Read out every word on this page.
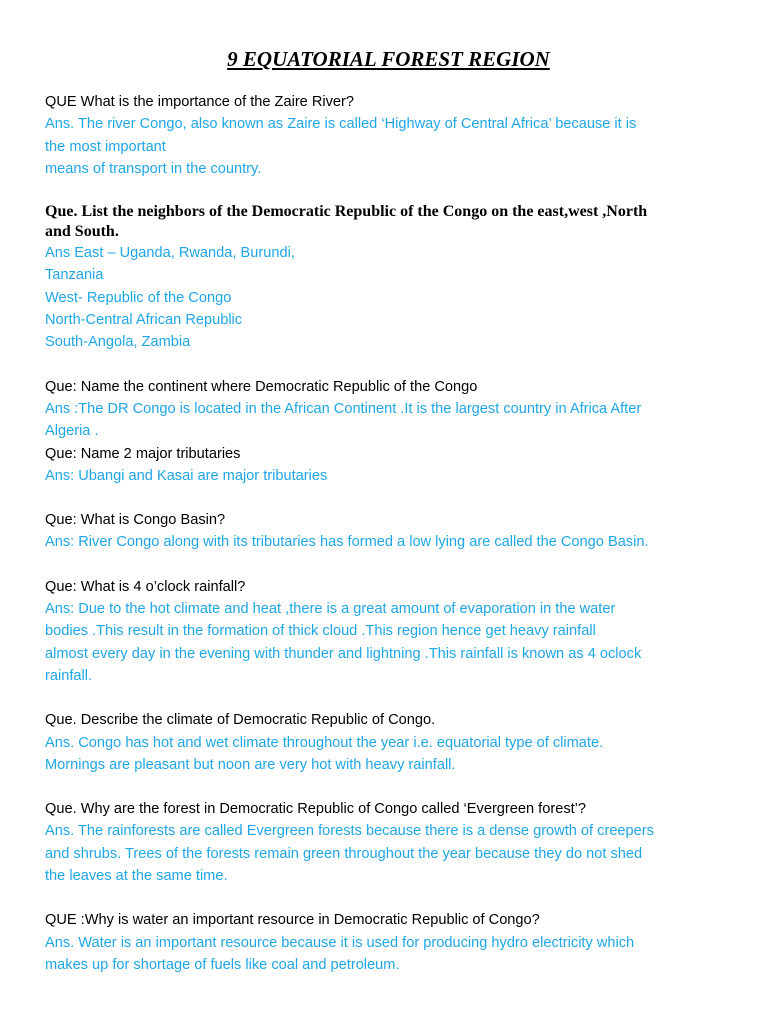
9 EQUATORIAL FOREST REGION
QUE What is the importance of the Zaire River?
Ans. The river Congo, also known as Zaire is called ‘Highway of Central Africa’ because it is
the most important
means of transport in the country.
Que. List the neighbors of the Democratic Republic of the Congo on the east,west ,North
and South.
Ans East – Uganda, Rwanda, Burundi,
Tanzania
West- Republic of the Congo
North-Central African Republic
South-Angola, Zambia
Que: Name the continent where Democratic Republic of the Congo
Ans :The DR Congo is located in the African Continent .It is the largest country in Africa After
Algeria .
Que: Name 2 major tributaries
Ans: Ubangi and Kasai are major tributaries
Que: What is Congo Basin?
Ans: River Congo along with its tributaries has formed a low lying are called the Congo Basin.
Que: What is 4 o’clock rainfall?
Ans: Due to the hot climate and heat ,there is a great amount of evaporation in the water
bodies .This result in the formation of thick cloud .This region hence get heavy rainfall
almost every day in the evening with thunder and lightning .This rainfall is known as 4 oclock
rainfall.
Que. Describe the climate of Democratic Republic of Congo.
Ans. Congo has hot and wet climate throughout the year i.e. equatorial type of climate.
Mornings are pleasant but noon are very hot with heavy rainfall.
Que. Why are the forest in Democratic Republic of Congo called ‘Evergreen forest’?
Ans. The rainforests are called Evergreen forests because there is a dense growth of creepers
and shrubs. Trees of the forests remain green throughout the year because they do not shed
the leaves at the same time.
QUE :Why is water an important resource in Democratic Republic of Congo?
Ans. Water is an important resource because it is used for producing hydro electricity which
makes up for shortage of fuels like coal and petroleum.
